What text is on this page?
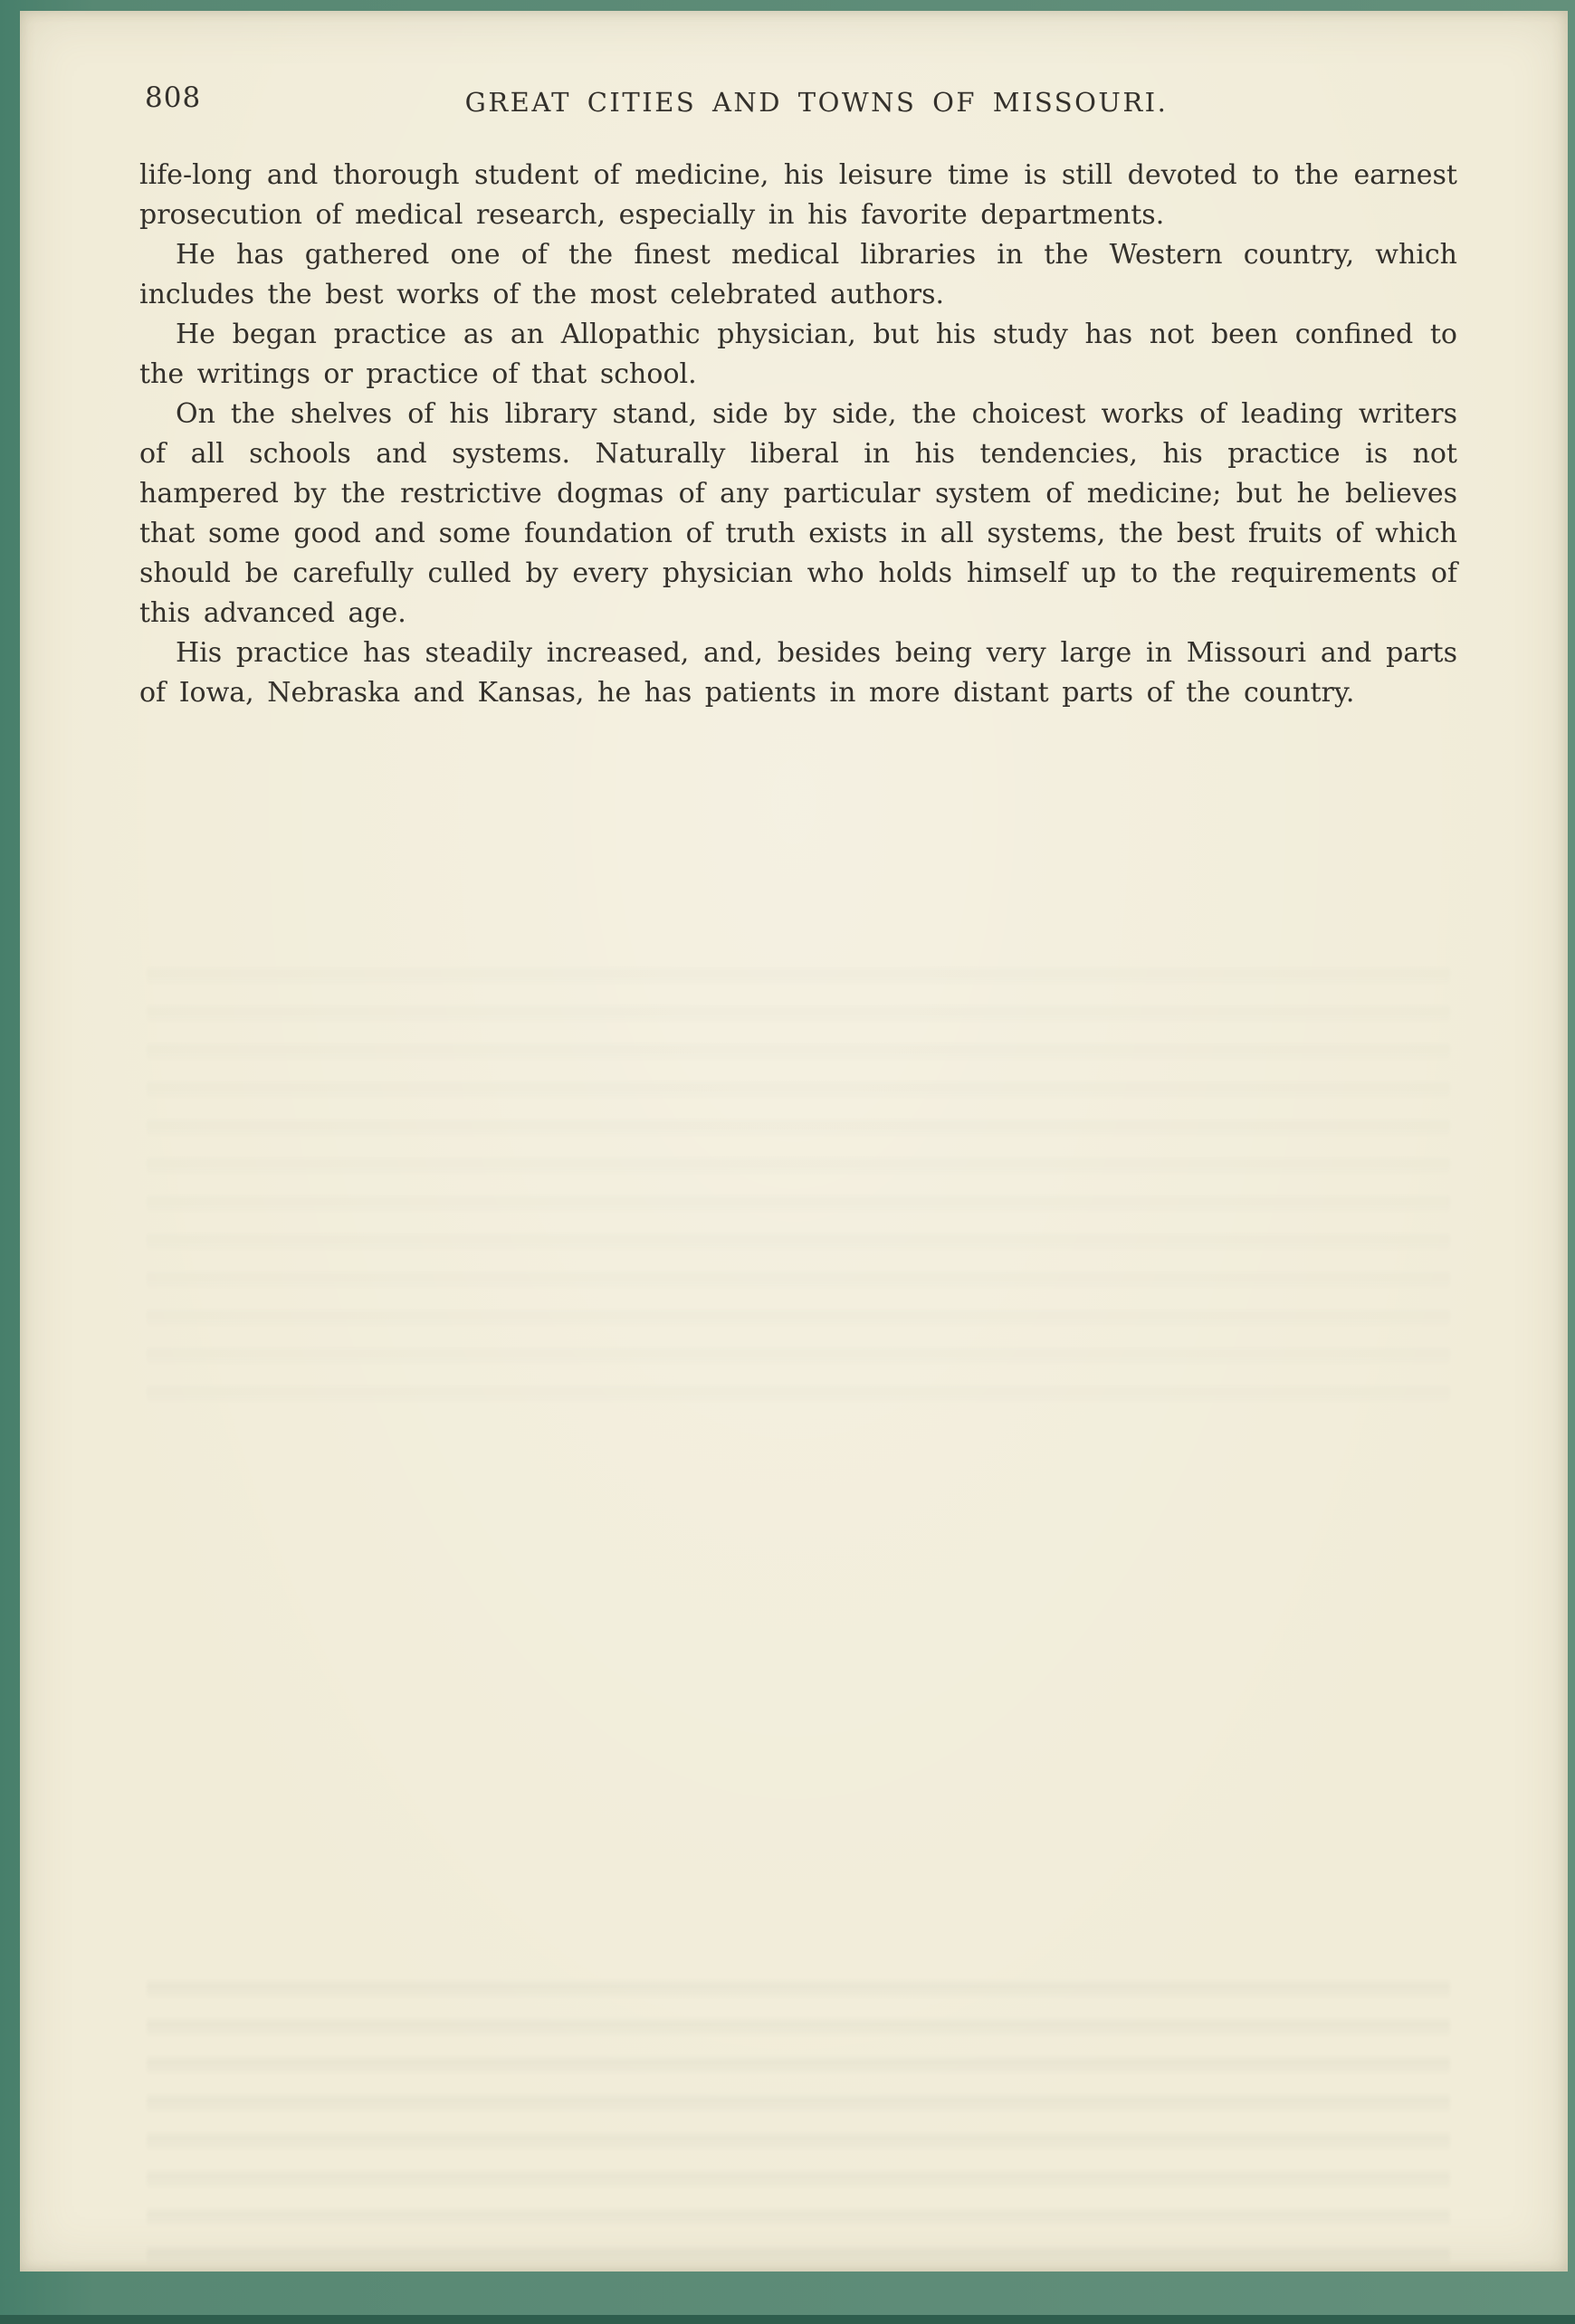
808	GREAT CITIES AND TOWNS OF MISSOURI.

life-long and thorough student of medicine, his leisure time is still devoted to the earnest prosecution of medical research, especially in his favorite departments.

He has gathered one of the finest medical libraries in the Western country, which includes the best works of the most celebrated authors.

He began practice as an Allopathic physician, but his study has not been confined to the writings or practice of that school.

On the shelves of his library stand, side by side, the choicest works of leading writers of all schools and systems. Naturally liberal in his tendencies, his practice is not hampered by the restrictive dogmas of any particular system of medicine; but he believes that some good and some foundation of truth exists in all systems, the best fruits of which should be carefully culled by every physician who holds himself up to the requirements of this advanced age.

His practice has steadily increased, and, besides being very large in Missouri and parts of Iowa, Nebraska and Kansas, he has patients in more distant parts of the country.
